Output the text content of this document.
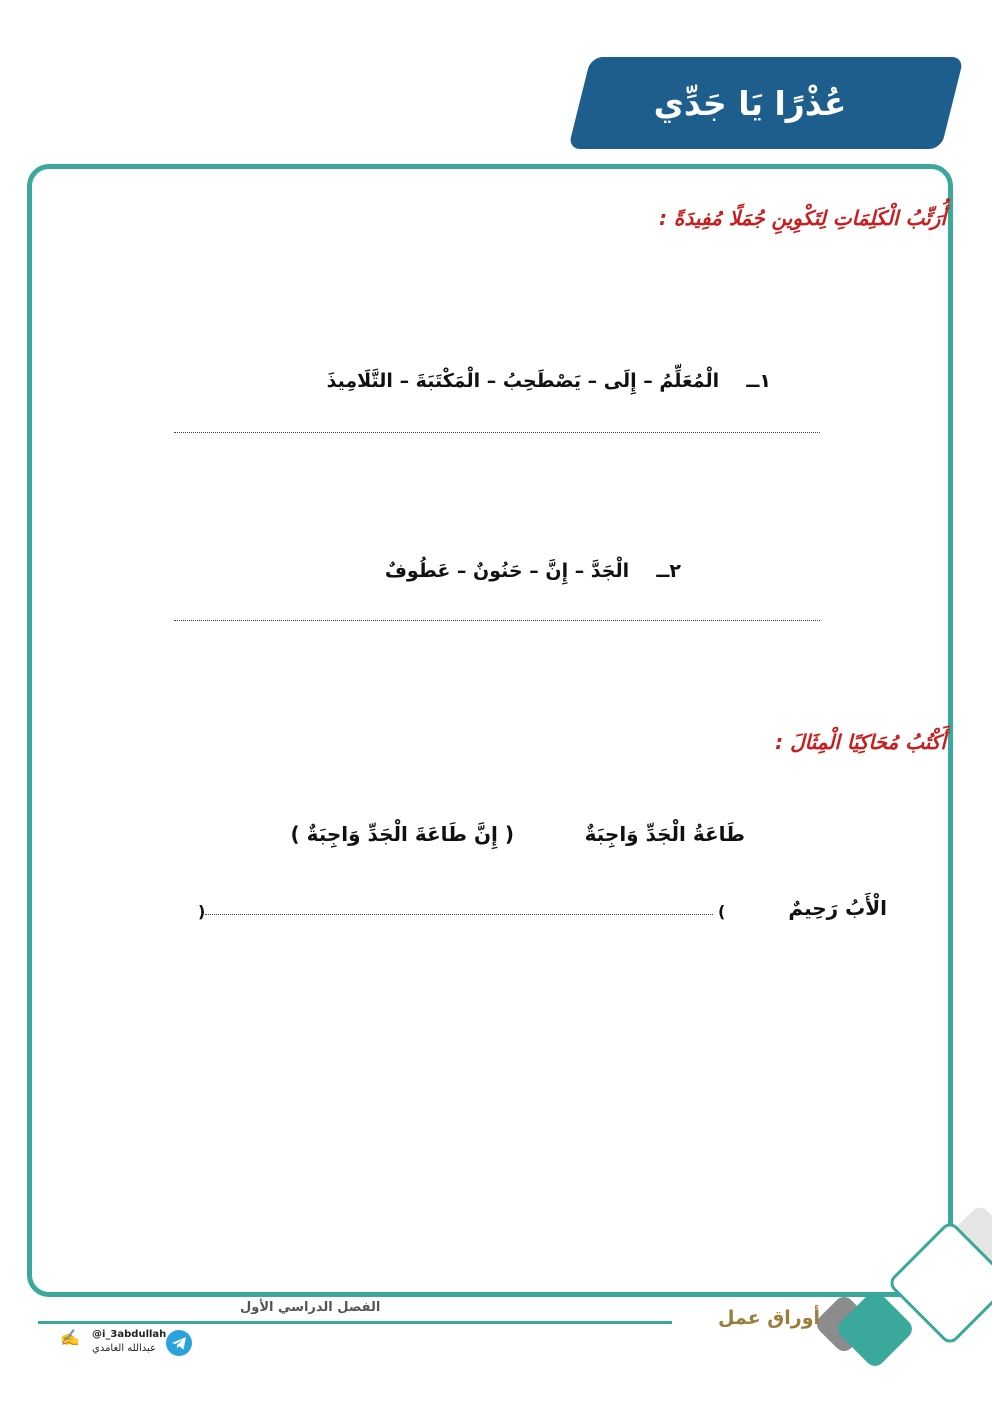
عُذْرًا يَا جَدِّي
أُرَتِّبُ الْكَلِمَاتِ لِتَكْوِينِ جُمَلًا مُفِيدَةً :
١ــ  الْمُعَلِّمُ – إِلَى – يَصْطَحِبُ – الْمَكْتَبَةَ – التَّلَامِيذَ
٢ــ  الْجَدَّ – إِنَّ – حَنُونٌ – عَطُوفٌ
أَكْتُبُ مُحَاكِيًا الْمِثَالَ :
طَاعَةُ الْجَدِّ وَاجِبَةٌ
( إِنَّ طَاعَةَ الْجَدِّ وَاجِبَةٌ )
الْأَبُ رَحِيمٌ
(
)
الفصل الدراسي الأول	أوراق عمل
@i_3abdullah
عبدالله الغامدي
✍
